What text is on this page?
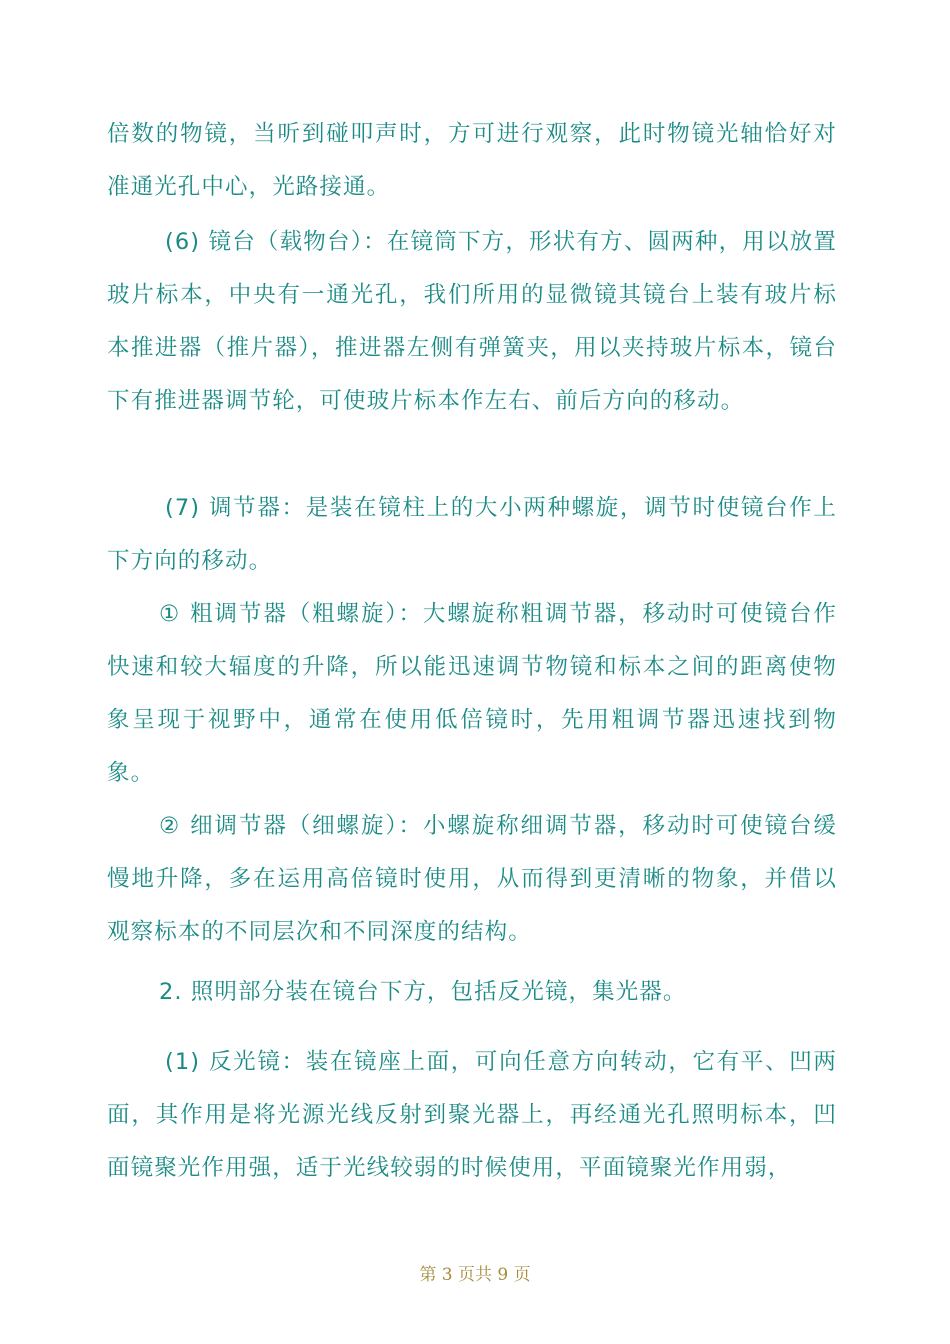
倍数的物镜，当听到碰叩声时，方可进行观察，此时物镜光轴恰好对准通光孔中心，光路接通。

(6) 镜台（载物台）：在镜筒下方，形状有方、圆两种，用以放置玻片标本，中央有一通光孔，我们所用的显微镜其镜台上装有玻片标本推进器（推片器），推进器左侧有弹簧夹，用以夹持玻片标本，镜台下有推进器调节轮，可使玻片标本作左右、前后方向的移动。

(7) 调节器：是装在镜柱上的大小两种螺旋，调节时使镜台作上下方向的移动。

① 粗调节器（粗螺旋）：大螺旋称粗调节器，移动时可使镜台作快速和较大辐度的升降，所以能迅速调节物镜和标本之间的距离使物象呈现于视野中，通常在使用低倍镜时，先用粗调节器迅速找到物象。

② 细调节器（细螺旋）：小螺旋称细调节器，移动时可使镜台缓慢地升降，多在运用高倍镜时使用，从而得到更清晰的物象，并借以观察标本的不同层次和不同深度的结构。

2. 照明部分装在镜台下方，包括反光镜，集光器。

(1) 反光镜：装在镜座上面，可向任意方向转动，它有平、凹两面，其作用是将光源光线反射到聚光器上，再经通光孔照明标本，凹面镜聚光作用强，适于光线较弱的时候使用，平面镜聚光作用弱，

第 3 页共 9 页
